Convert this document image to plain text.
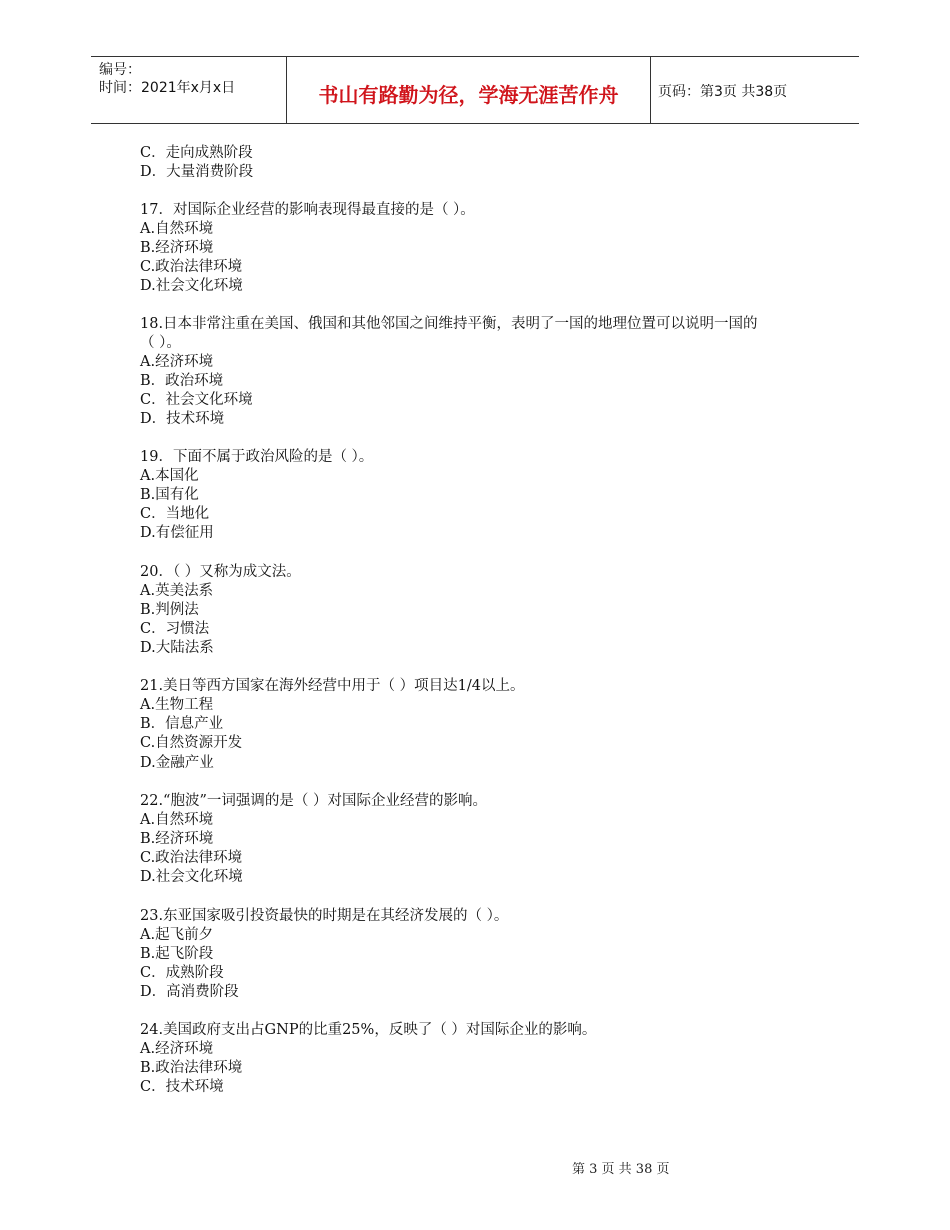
编号：
时间：2021年x月x日	书山有路勤为径，学海无涯苦作舟	页码：第3页 共38页
C．走向成熟阶段
D．大量消费阶段
17．对国际企业经营的影响表现得最直接的是（ ）。
A.自然环境
B.经济环境
C.政治法律环境
D.社会文化环境
18.日本非常注重在美国、俄国和其他邻国之间维持平衡，表明了一国的地理位置可以说明一国的
（ ）。
A.经济环境
B．政治环境
C．社会文化环境
D．技术环境
19．下面不属于政治风险的是（ ）。
A.本国化
B.国有化
C．当地化
D.有偿征用
20．（ ）又称为成文法。
A.英美法系
B.判例法
C．习惯法
D.大陆法系
21.美日等西方国家在海外经营中用于（ ）项目达1/4以上。
A.生物工程
B．信息产业
C.自然资源开发
D.金融产业
22.“胞波”一词强调的是（ ）对国际企业经营的影响。
A.自然环境
B.经济环境
C.政治法律环境
D.社会文化环境
23.东亚国家吸引投资最快的时期是在其经济发展的（ ）。
A.起飞前夕
B.起飞阶段
C．成熟阶段
D．高消费阶段
24.美国政府支出占GNP的比重25%，反映了（ ）对国际企业的影响。
A.经济环境
B.政治法律环境
C．技术环境
第 3 页 共 38 页
